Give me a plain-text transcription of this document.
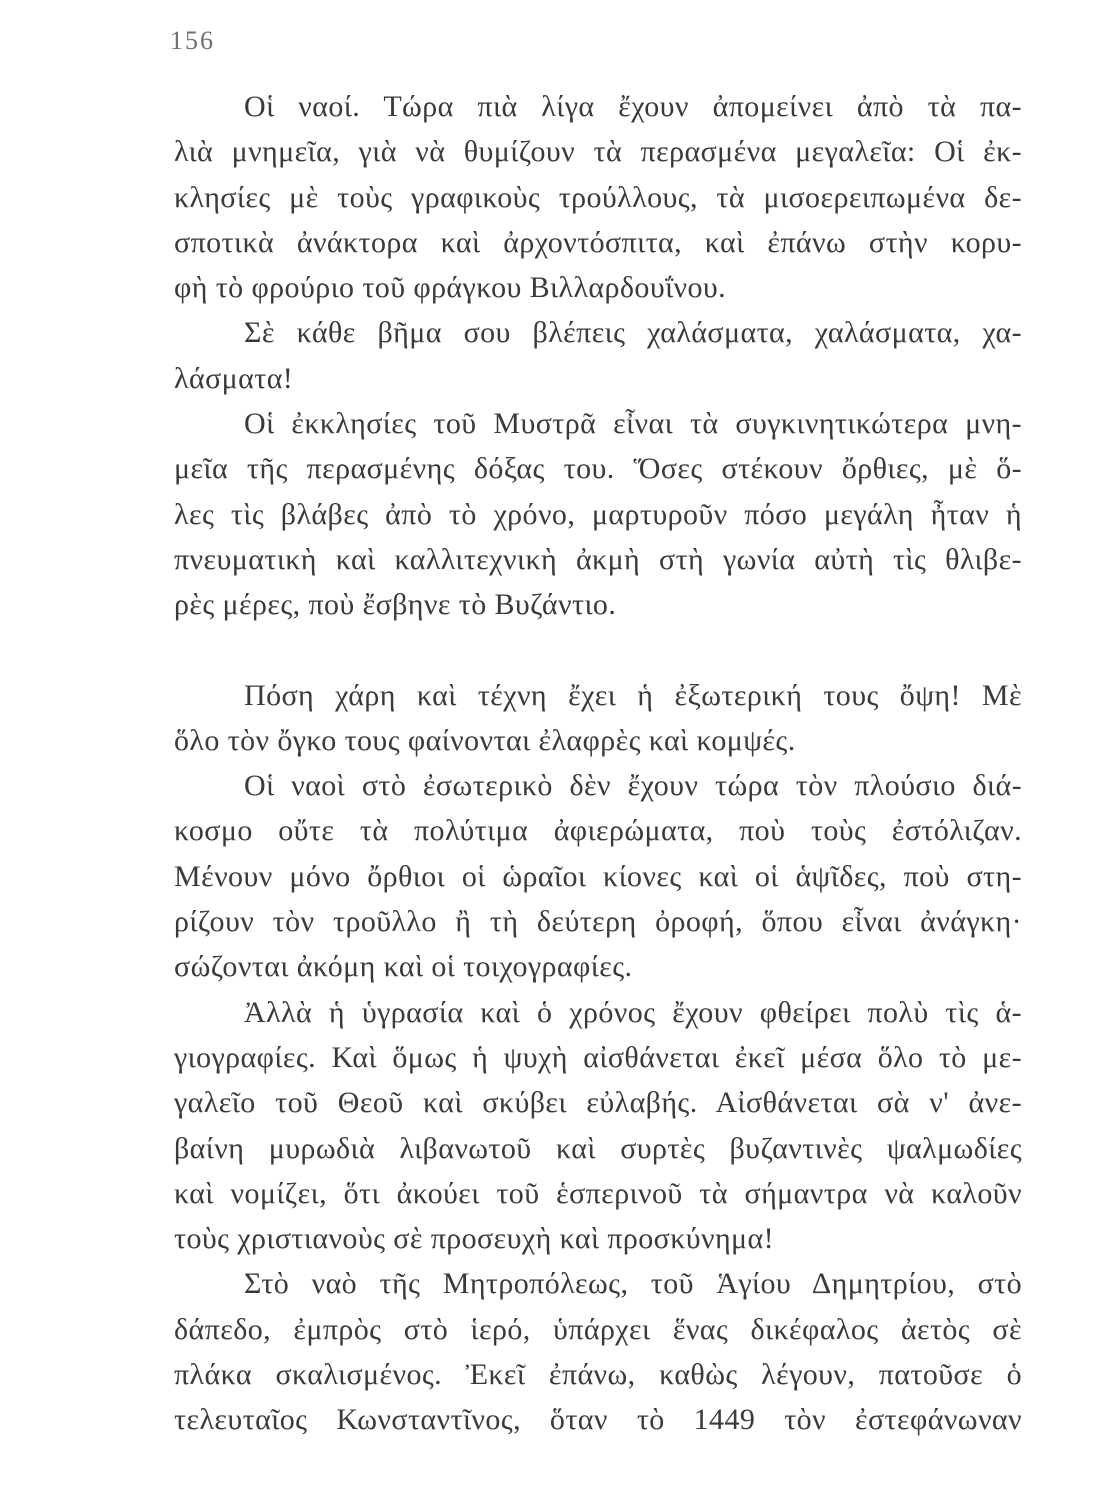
156
Οἱ ναοί. Τώρα πιὰ λίγα ἔχουν ἀπομείνει ἀπὸ τὰ πα-
λιὰ μνημεῖα, γιὰ νὰ θυμίζουν τὰ περασμένα μεγαλεῖα: Οἱ ἐκ-
κλησίες μὲ τοὺς γραφικοὺς τρούλλους, τὰ μισοερειπωμένα δε-
σποτικὰ ἀνάκτορα καὶ ἀρχοντόσπιτα, καὶ ἐπάνω στὴν κορυ-
φὴ τὸ φρούριο τοῦ φράγκου Βιλλαρδουΐνου.
Σὲ κάθε βῆμα σου βλέπεις χαλάσματα, χαλάσματα, χα-
λάσματα!
Οἱ ἐκκλησίες τοῦ Μυστρᾶ εἶναι τὰ συγκινητικώτερα μνη-
μεῖα τῆς περασμένης δόξας του. Ὅσες στέκουν ὄρθιες, μὲ ὅ-
λες τὶς βλάβες ἀπὸ τὸ χρόνο, μαρτυροῦν πόσο μεγάλη ἦταν ἡ
πνευματικὴ καὶ καλλιτεχνικὴ ἀκμὴ στὴ γωνία αὐτὴ τὶς θλιβε-
ρὲς μέρες, ποὺ ἔσβηνε τὸ Βυζάντιο.
Πόση χάρη καὶ τέχνη ἔχει ἡ ἐξωτερική τους ὄψη! Μὲ
ὅλο τὸν ὄγκο τους φαίνονται ἐλαφρὲς καὶ κομψές.
Οἱ ναοὶ στὸ ἐσωτερικὸ δὲν ἔχουν τώρα τὸν πλούσιο διά-
κοσμο οὔτε τὰ πολύτιμα ἀφιερώματα, ποὺ τοὺς ἐστόλιζαν.
Μένουν μόνο ὄρθιοι οἱ ὡραῖοι κίονες καὶ οἱ ἁψῖδες, ποὺ στη-
ρίζουν τὸν τροῦλλο ἢ τὴ δεύτερη ὀροφή, ὅπου εἶναι ἀνάγκη·
σώζονται ἀκόμη καὶ οἱ τοιχογραφίες.
Ἀλλὰ ἡ ὑγρασία καὶ ὁ χρόνος ἔχουν φθείρει πολὺ τὶς ἁ-
γιογραφίες. Καὶ ὅμως ἡ ψυχὴ αἰσθάνεται ἐκεῖ μέσα ὅλο τὸ με-
γαλεῖο τοῦ Θεοῦ καὶ σκύβει εὐλαβής. Αἰσθάνεται σὰ ν' ἀνε-
βαίνη μυρωδιὰ λιβανωτοῦ καὶ συρτὲς βυζαντινὲς ψαλμωδίες
καὶ νομίζει, ὅτι ἀκούει τοῦ ἑσπερινοῦ τὰ σήμαντρα νὰ καλοῦν
τοὺς χριστιανοὺς σὲ προσευχὴ καὶ προσκύνημα!
Στὸ ναὸ τῆς Μητροπόλεως, τοῦ Ἁγίου Δημητρίου, στὸ
δάπεδο, ἐμπρὸς στὸ ἱερό, ὑπάρχει ἕνας δικέφαλος ἀετὸς σὲ
πλάκα σκαλισμένος. Ἐκεῖ ἐπάνω, καθὼς λέγουν, πατοῦσε ὁ
τελευταῖος Κωνσταντῖνος, ὅταν τὸ 1449 τὸν ἐστεφάνωναν
